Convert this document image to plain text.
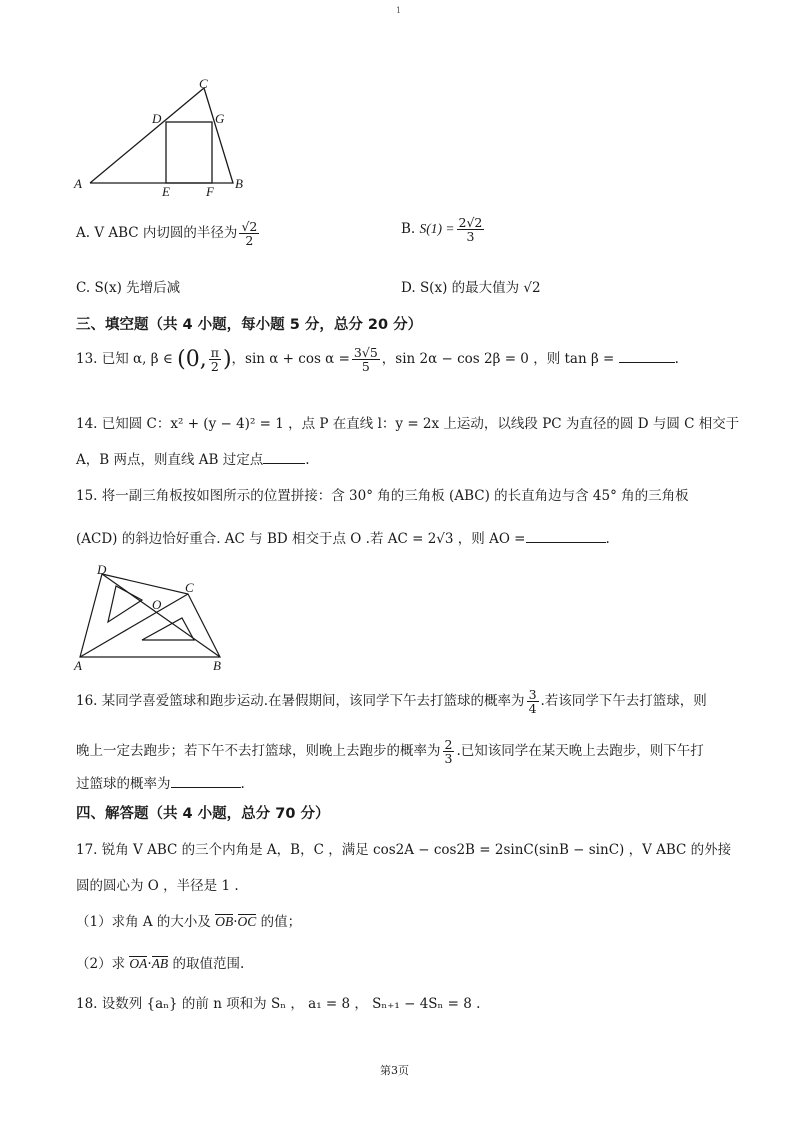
1
A	B
C
D
E	F
G
A. V ABC 内切圆的半径为 $\frac{√2}{2}$	B. $S(1) = \frac{2√2}{3}$
C. S(x) 先增后减	D. S(x) 的最大值为 √2
三、填空题（共 4 小题，每小题 5 分，总分 20 分）
13. 已知 α, β ∈ (0, $\frac{\pi}{2}$ )，$\sin \alpha + \cos \alpha = \frac{3√5}{5}$ ，sin 2α − cos 2β = 0 ，则 tan β =	.
14. 已知圆 C：x² + (y − 4)² = 1 ，点 P 在直线 l：y = 2x 上运动，以线段 PC 为直径的圆 D 与圆 C 相交于
A，B 两点，则直线 AB 过定点	.
15. 将一副三角板按如图所示的位置拼接：含 30° 角的三角板 (ABC) 的长直角边与含 45° 角的三角板
(ACD) 的斜边恰好重合. AC 与 BD 相交于点 O .若 AC = 2√3 ，则 AO =	.
D
C
O
A	B
16. 某同学喜爱篮球和跑步运动.在暑假期间，该同学下午去打篮球的概率为 $\frac{3}{4}$ .若该同学下午去打篮球，则
晚上一定去跑步；若下午不去打篮球，则晚上去跑步的概率为 $\frac{2}{3}$ .已知该同学在某天晚上去跑步，则下午打
过篮球的概率为	.
四、解答题（共 4 小题，总分 70 分）
17. 锐角 V ABC 的三个内角是 A，B，C ，满足 cos2A − cos2B = 2sinC(sinB − sinC) ，V ABC 的外接
圆的圆心为 O ，半径是 1 .
（1）求角 A 的大小及 OB·OC 的值；
（2）求 OA·AB 的取值范围.
18. 设数列 {aₙ} 的前 n 项和为 Sₙ ， a₁ = 8 ， Sₙ₊₁ − 4Sₙ = 8 .
第3页
